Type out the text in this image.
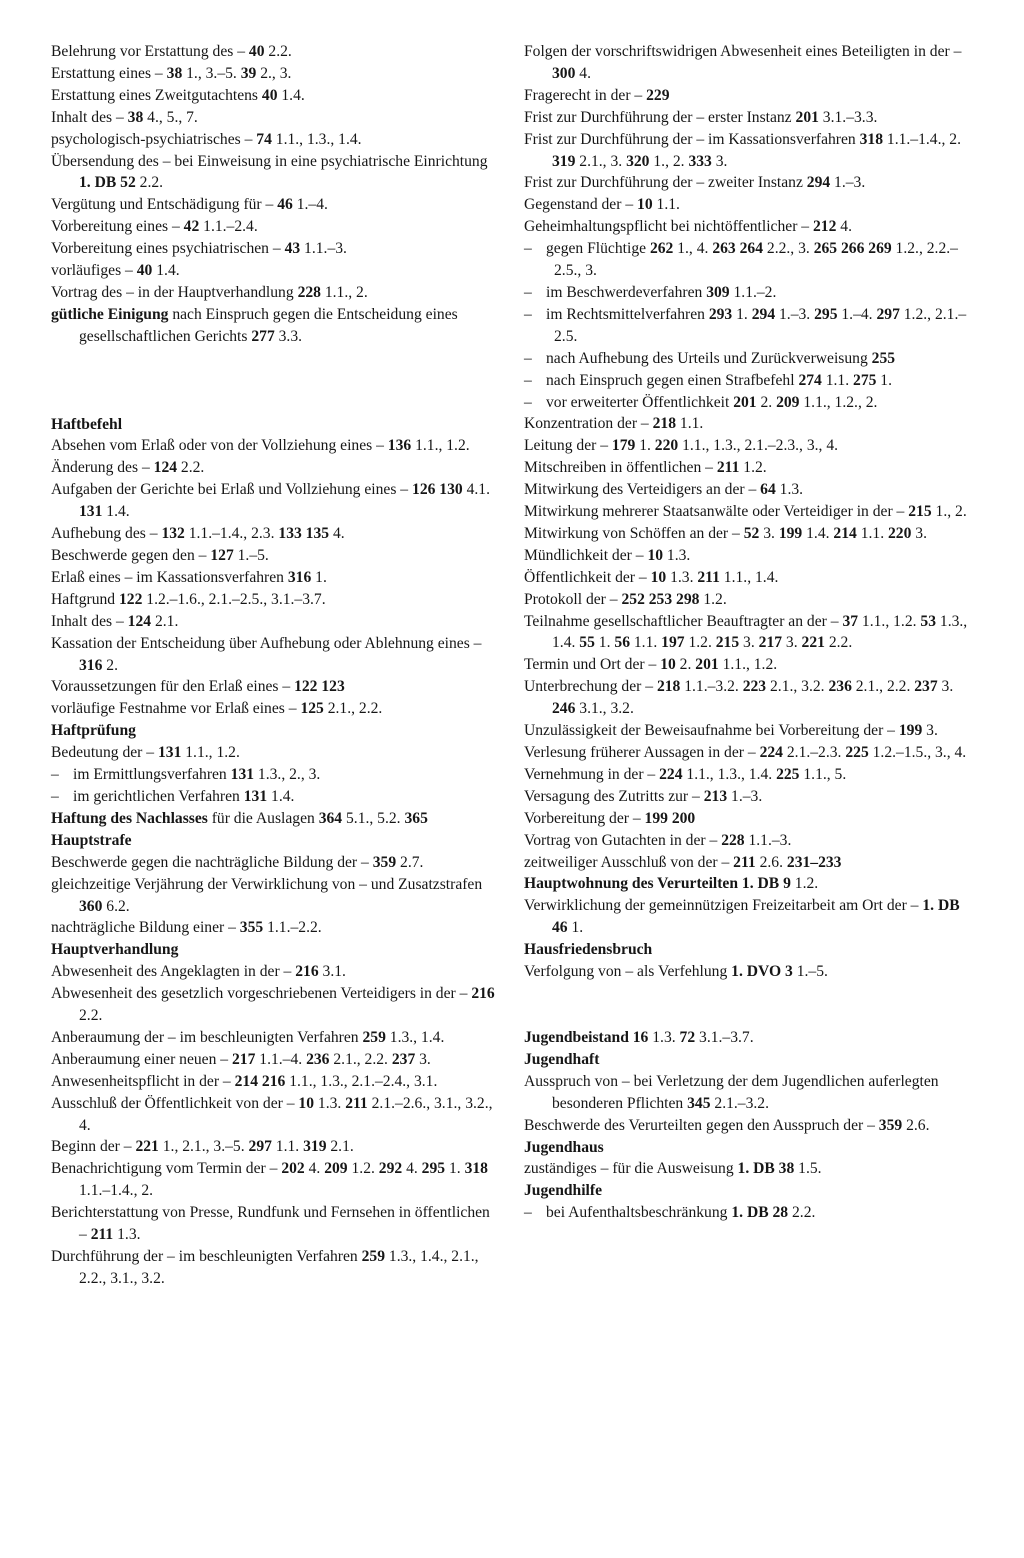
Belehrung vor Erstattung des – 40 2.2.

Erstattung eines – 38 1., 3.–5. 39 2., 3.

Erstattung eines Zweitgutachtens 40 1.4.

Inhalt des – 38 4., 5., 7.

psychologisch-psychiatrisches – 74 1.1., 1.3., 1.4.

Übersendung des – bei Einweisung in eine psychiatrische Einrichtung 1. DB 52 2.2.

Vergütung und Entschädigung für – 46 1.–4.

Vorbereitung eines – 42 1.1.–2.4.

Vorbereitung eines psychiatrischen – 43 1.1.–3.

vorläufiges – 40 1.4.

Vortrag des – in der Hauptverhandlung 228 1.1., 2.

gütliche Einigung nach Einspruch gegen die Entscheidung eines gesellschaftlichen Gerichts 277 3.3.

Haftbefehl

Absehen vom Erlaß oder von der Vollziehung eines – 136 1.1., 1.2.

Änderung des – 124 2.2.

Aufgaben der Gerichte bei Erlaß und Vollziehung eines – 126 130 4.1. 131 1.4.

Aufhebung des – 132 1.1.–1.4., 2.3. 133 135 4.

Beschwerde gegen den – 127 1.–5.

Erlaß eines – im Kassationsverfahren 316 1.

Haftgrund 122 1.2.–1.6., 2.1.–2.5., 3.1.–3.7.

Inhalt des – 124 2.1.

Kassation der Entscheidung über Aufhebung oder Ablehnung eines – 316 2.

Voraussetzungen für den Erlaß eines – 122 123

vorläufige Festnahme vor Erlaß eines – 125 2.1., 2.2.

Haftprüfung

Bedeutung der – 131 1.1., 1.2.

– im Ermittlungsverfahren 131 1.3., 2., 3.

– im gerichtlichen Verfahren 131 1.4.

Haftung des Nachlasses für die Auslagen 364 5.1., 5.2. 365

Hauptstrafe

Beschwerde gegen die nachträgliche Bildung der – 359 2.7.

gleichzeitige Verjährung der Verwirklichung von – und Zusatzstrafen 360 6.2.

nachträgliche Bildung einer – 355 1.1.–2.2.

Hauptverhandlung

Abwesenheit des Angeklagten in der – 216 3.1.

Abwesenheit des gesetzlich vorgeschriebenen Verteidigers in der – 216 2.2.

Anberaumung der – im beschleunigten Verfahren 259 1.3., 1.4.

Anberaumung einer neuen – 217 1.1.–4. 236 2.1., 2.2. 237 3.

Anwesenheitspflicht in der – 214 216 1.1., 1.3., 2.1.–2.4., 3.1.

Ausschluß der Öffentlichkeit von der – 10 1.3. 211 2.1.–2.6., 3.1., 3.2., 4.

Beginn der – 221 1., 2.1., 3.–5. 297 1.1. 319 2.1.

Benachrichtigung vom Termin der – 202 4. 209 1.2. 292 4. 295 1. 318 1.1.–1.4., 2.

Berichterstattung von Presse, Rundfunk und Fernsehen in öffentlichen – 211 1.3.

Durchführung der – im beschleunigten Verfahren 259 1.3., 1.4., 2.1., 2.2., 3.1., 3.2.

Folgen der vorschriftswidrigen Abwesenheit eines Beteiligten in der – 300 4.

Fragerecht in der – 229

Frist zur Durchführung der – erster Instanz 201 3.1.–3.3.

Frist zur Durchführung der – im Kassationsverfahren 318 1.1.–1.4., 2. 319 2.1., 3. 320 1., 2. 333 3.

Frist zur Durchführung der – zweiter Instanz 294 1.–3.

Gegenstand der – 10 1.1.

Geheimhaltungspflicht bei nichtöffentlicher – 212 4.

– gegen Flüchtige 262 1., 4. 263 264 2.2., 3. 265 266 269 1.2., 2.2.–2.5., 3.

– im Beschwerdeverfahren 309 1.1.–2.

– im Rechtsmittelverfahren 293 1. 294 1.–3. 295 1.–4. 297 1.2., 2.1.–2.5.

– nach Aufhebung des Urteils und Zurückverweisung 255

– nach Einspruch gegen einen Strafbefehl 274 1.1. 275 1.

– vor erweiterter Öffentlichkeit 201 2. 209 1.1., 1.2., 2.

Konzentration der – 218 1.1.

Leitung der – 179 1. 220 1.1., 1.3., 2.1.–2.3., 3., 4.

Mitschreiben in öffentlichen – 211 1.2.

Mitwirkung des Verteidigers an der – 64 1.3.

Mitwirkung mehrerer Staatsanwälte oder Verteidiger in der – 215 1., 2.

Mitwirkung von Schöffen an der – 52 3. 199 1.4. 214 1.1. 220 3.

Mündlichkeit der – 10 1.3.

Öffentlichkeit der – 10 1.3. 211 1.1., 1.4.

Protokoll der – 252 253 298 1.2.

Teilnahme gesellschaftlicher Beauftragter an der – 37 1.1., 1.2. 53 1.3., 1.4. 55 1. 56 1.1. 197 1.2. 215 3. 217 3. 221 2.2.

Termin und Ort der – 10 2. 201 1.1., 1.2.

Unterbrechung der – 218 1.1.–3.2. 223 2.1., 3.2. 236 2.1., 2.2. 237 3. 246 3.1., 3.2.

Unzulässigkeit der Beweisaufnahme bei Vorbereitung der – 199 3.

Verlesung früherer Aussagen in der – 224 2.1.–2.3. 225 1.2.–1.5., 3., 4.

Vernehmung in der – 224 1.1., 1.3., 1.4. 225 1.1., 5.

Versagung des Zutritts zur – 213 1.–3.

Vorbereitung der – 199 200

Vortrag von Gutachten in der – 228 1.1.–3.

zeitweiliger Ausschluß von der – 211 2.6. 231–233

Hauptwohnung des Verurteilten 1. DB 9 1.2.

Verwirklichung der gemeinnützigen Freizeitarbeit am Ort der – 1. DB 46 1.

Hausfriedensbruch

Verfolgung von – als Verfehlung 1. DVO 3 1.–5.

Jugendbeistand 16 1.3. 72 3.1.–3.7.

Jugendhaft

Ausspruch von – bei Verletzung der dem Jugendlichen auferlegten besonderen Pflichten 345 2.1.–3.2.

Beschwerde des Verurteilten gegen den Ausspruch der – 359 2.6.

Jugendhaus

zuständiges – für die Ausweisung 1. DB 38 1.5.

Jugendhilfe

– bei Aufenthaltsbeschränkung 1. DB 28 2.2.
